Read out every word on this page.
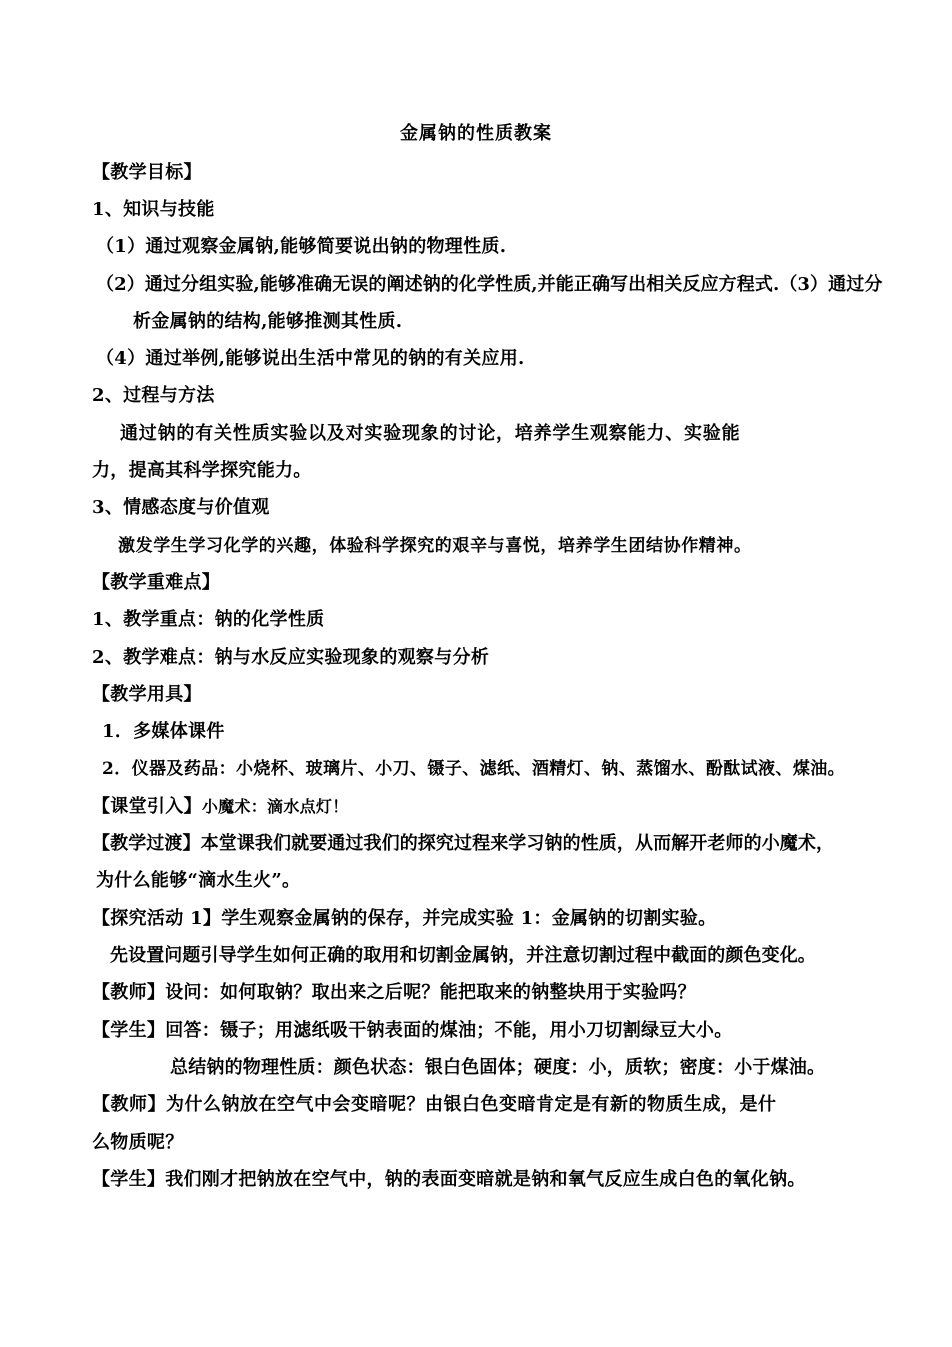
金属钠的性质教案
【教学目标】
1、知识与技能
（1）通过观察金属钠,能够简要说出钠的物理性质.
（2）通过分组实验,能够准确无误的阐述钠的化学性质,并能正确写出相关反应方程式.（3）通过分
析金属钠的结构,能够推测其性质.
（4）通过举例,能够说出生活中常见的钠的有关应用.
2、过程与方法
通过钠的有关性质实验以及对实验现象的讨论，培养学生观察能力、实验能
力，提高其科学探究能力。
3、情感态度与价值观
激发学生学习化学的兴趣，体验科学探究的艰辛与喜悦，培养学生团结协作精神。
【教学重难点】
1、教学重点：钠的化学性质
2、教学难点：钠与水反应实验现象的观察与分析
【教学用具】
1．多媒体课件
2．仪器及药品：小烧杯、玻璃片、小刀、镊子、滤纸、酒精灯、钠、蒸馏水、酚酞试液、煤油。
【课堂引入】小魔术：滴水点灯！
【教学过渡】本堂课我们就要通过我们的探究过程来学习钠的性质，从而解开老师的小魔术，
为什么能够“滴水生火”。
【探究活动 1】学生观察金属钠的保存，并完成实验 1：金属钠的切割实验。
先设置问题引导学生如何正确的取用和切割金属钠，并注意切割过程中截面的颜色变化。
【教师】设问：如何取钠？取出来之后呢？能把取来的钠整块用于实验吗？
【学生】回答：镊子；用滤纸吸干钠表面的煤油；不能，用小刀切割绿豆大小。
总结钠的物理性质：颜色状态：银白色固体；硬度：小，质软；密度：小于煤油。
【教师】为什么钠放在空气中会变暗呢？由银白色变暗肯定是有新的物质生成，是什
么物质呢？
【学生】我们刚才把钠放在空气中，钠的表面变暗就是钠和氧气反应生成白色的氧化钠。
